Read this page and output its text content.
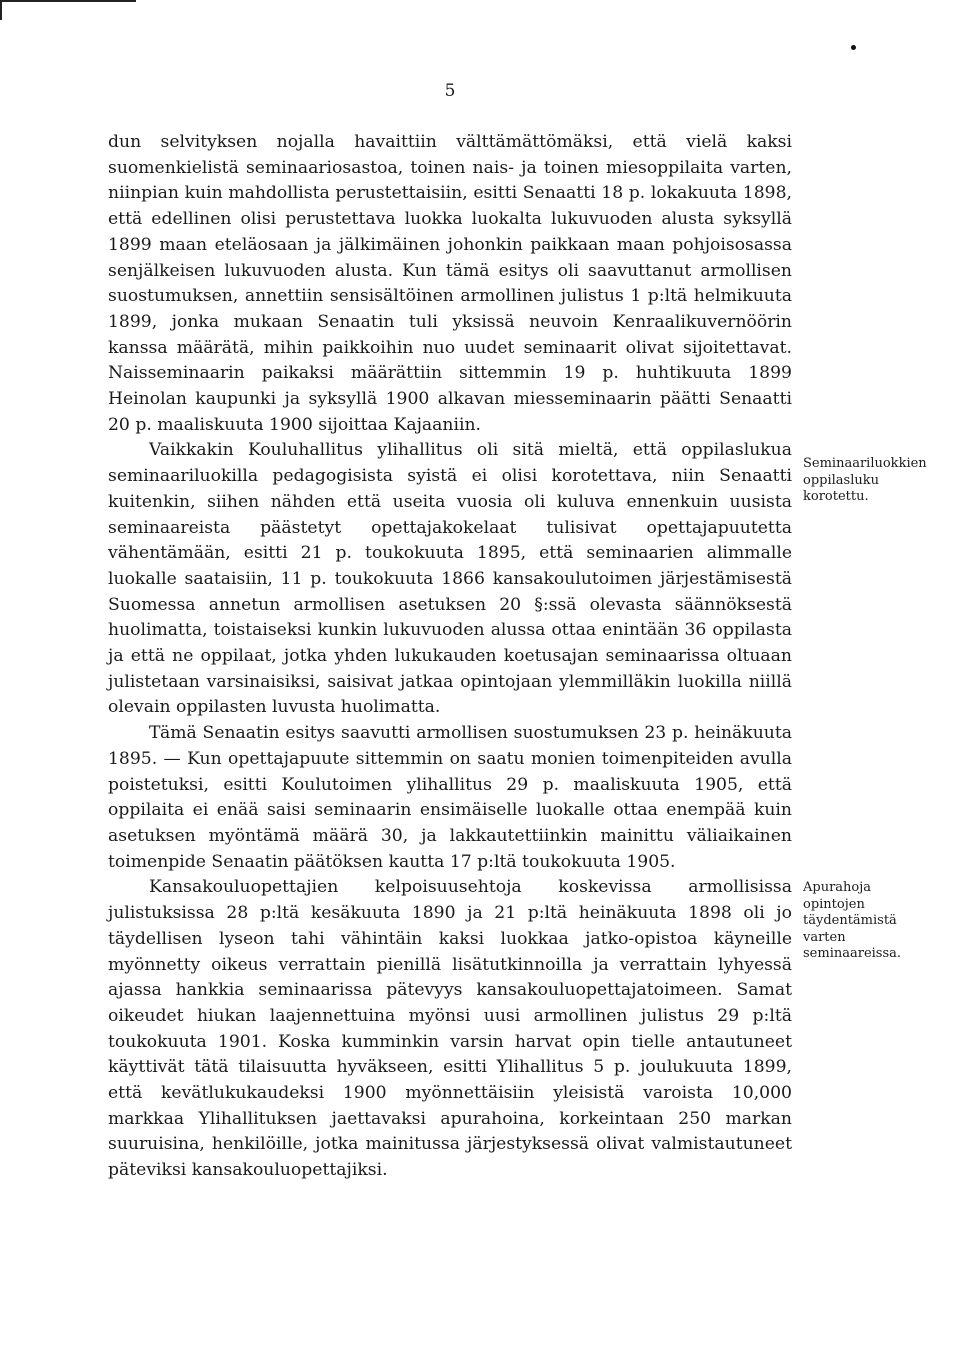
5

dun selvityksen nojalla havaittiin välttämättömäksi, että vielä kaksi suomenkielistä seminaariosastoa, toinen nais- ja toinen miesoppilaita varten, niinpian kuin mahdollista perustettaisiin, esitti Senaatti 18 p. lokakuuta 1898, että edellinen olisi perustettava luokka luokalta lukuvuoden alusta syksyllä 1899 maan eteläosaan ja jälkimäinen johonkin paikkaan maan pohjoisosassa senjälkeisen lukuvuoden alusta. Kun tämä esitys oli saavuttanut armollisen suostumuksen, annettiin sensisältöinen armollinen julistus 1 p:ltä helmikuuta 1899, jonka mukaan Senaatin tuli yksissä neuvoin Kenraalikuvernöörin kanssa määrätä, mihin paikkoihin nuo uudet seminaarit olivat sijoitettavat. Naisseminaarin paikaksi määrättiin sittemmin 19 p. huhtikuuta 1899 Heinolan kaupunki ja syksyllä 1900 alkavan miesseminaarin päätti Senaatti 20 p. maaliskuuta 1900 sijoittaa Kajaaniin.

Vaikkakin Kouluhallitus ylihallitus oli sitä mieltä, että oppilaslukua seminaariluokilla pedagogisista syistä ei olisi korotettava, niin Senaatti kuitenkin, siihen nähden että useita vuosia oli kuluva ennenkuin uusista seminaareista päästetyt opettajakokelaat tulisivat opettajapuutetta vähentämään, esitti 21 p. toukokuuta 1895, että seminaarien alimmalle luokalle saataisiin, 11 p. toukokuuta 1866 kansakoulutoimen järjestämisestä Suomessa annetun armollisen asetuksen 20 §:ssä olevasta säännöksestä huolimatta, toistaiseksi kunkin lukuvuoden alussa ottaa enintään 36 oppilasta ja että ne oppilaat, jotka yhden lukukauden koetusajan seminaarissa oltuaan julistetaan varsinaisiksi, saisivat jatkaa opintojaan ylemmilläkin luokilla niillä olevain oppilasten luvusta huolimatta.

Tämä Senaatin esitys saavutti armollisen suostumuksen 23 p. heinäkuuta 1895. — Kun opettajapuute sittemmin on saatu monien toimenpiteiden avulla poistetuksi, esitti Koulutoimen ylihallitus 29 p. maaliskuuta 1905, että oppilaita ei enää saisi seminaarin ensimäiselle luokalle ottaa enempää kuin asetuksen myöntämä määrä 30, ja lakkautettiinkin mainittu väliaikainen toimenpide Senaatin päätöksen kautta 17 p:ltä toukokuuta 1905.

Kansakouluopettajien kelpoisuusehtoja koskevissa armollisissa julistuksissa 28 p:ltä kesäkuuta 1890 ja 21 p:ltä heinäkuuta 1898 oli jo täydellisen lyseon tahi vähintäin kaksi luokkaa jatko-opistoa käyneille myönnetty oikeus verrattain pienillä lisätutkinnoilla ja verrattain lyhyessä ajassa hankkia seminaarissa pätevyys kansakouluopettajatoimeen. Samat oikeudet hiukan laajennettuina myönsi uusi armollinen julistus 29 p:ltä toukokuuta 1901. Koska kumminkin varsin harvat opin tielle antautuneet käyttivät tätä tilaisuutta hyväkseen, esitti Ylihallitus 5 p. joulukuuta 1899, että kevätlukukaudeksi 1900 myönnettäisiin yleisistä varoista 10,000 markkaa Ylihallituksen jaettavaksi apurahoina, korkeintaan 250 markan suuruisina, henkilöille, jotka mainitussa järjestyksessä olivat valmistautuneet päteviksi kansakouluopettajiksi.

Seminaariluokkien oppilasluku korotettu.
Apurahoja opintojen täydentämistä varten seminaareissa.
